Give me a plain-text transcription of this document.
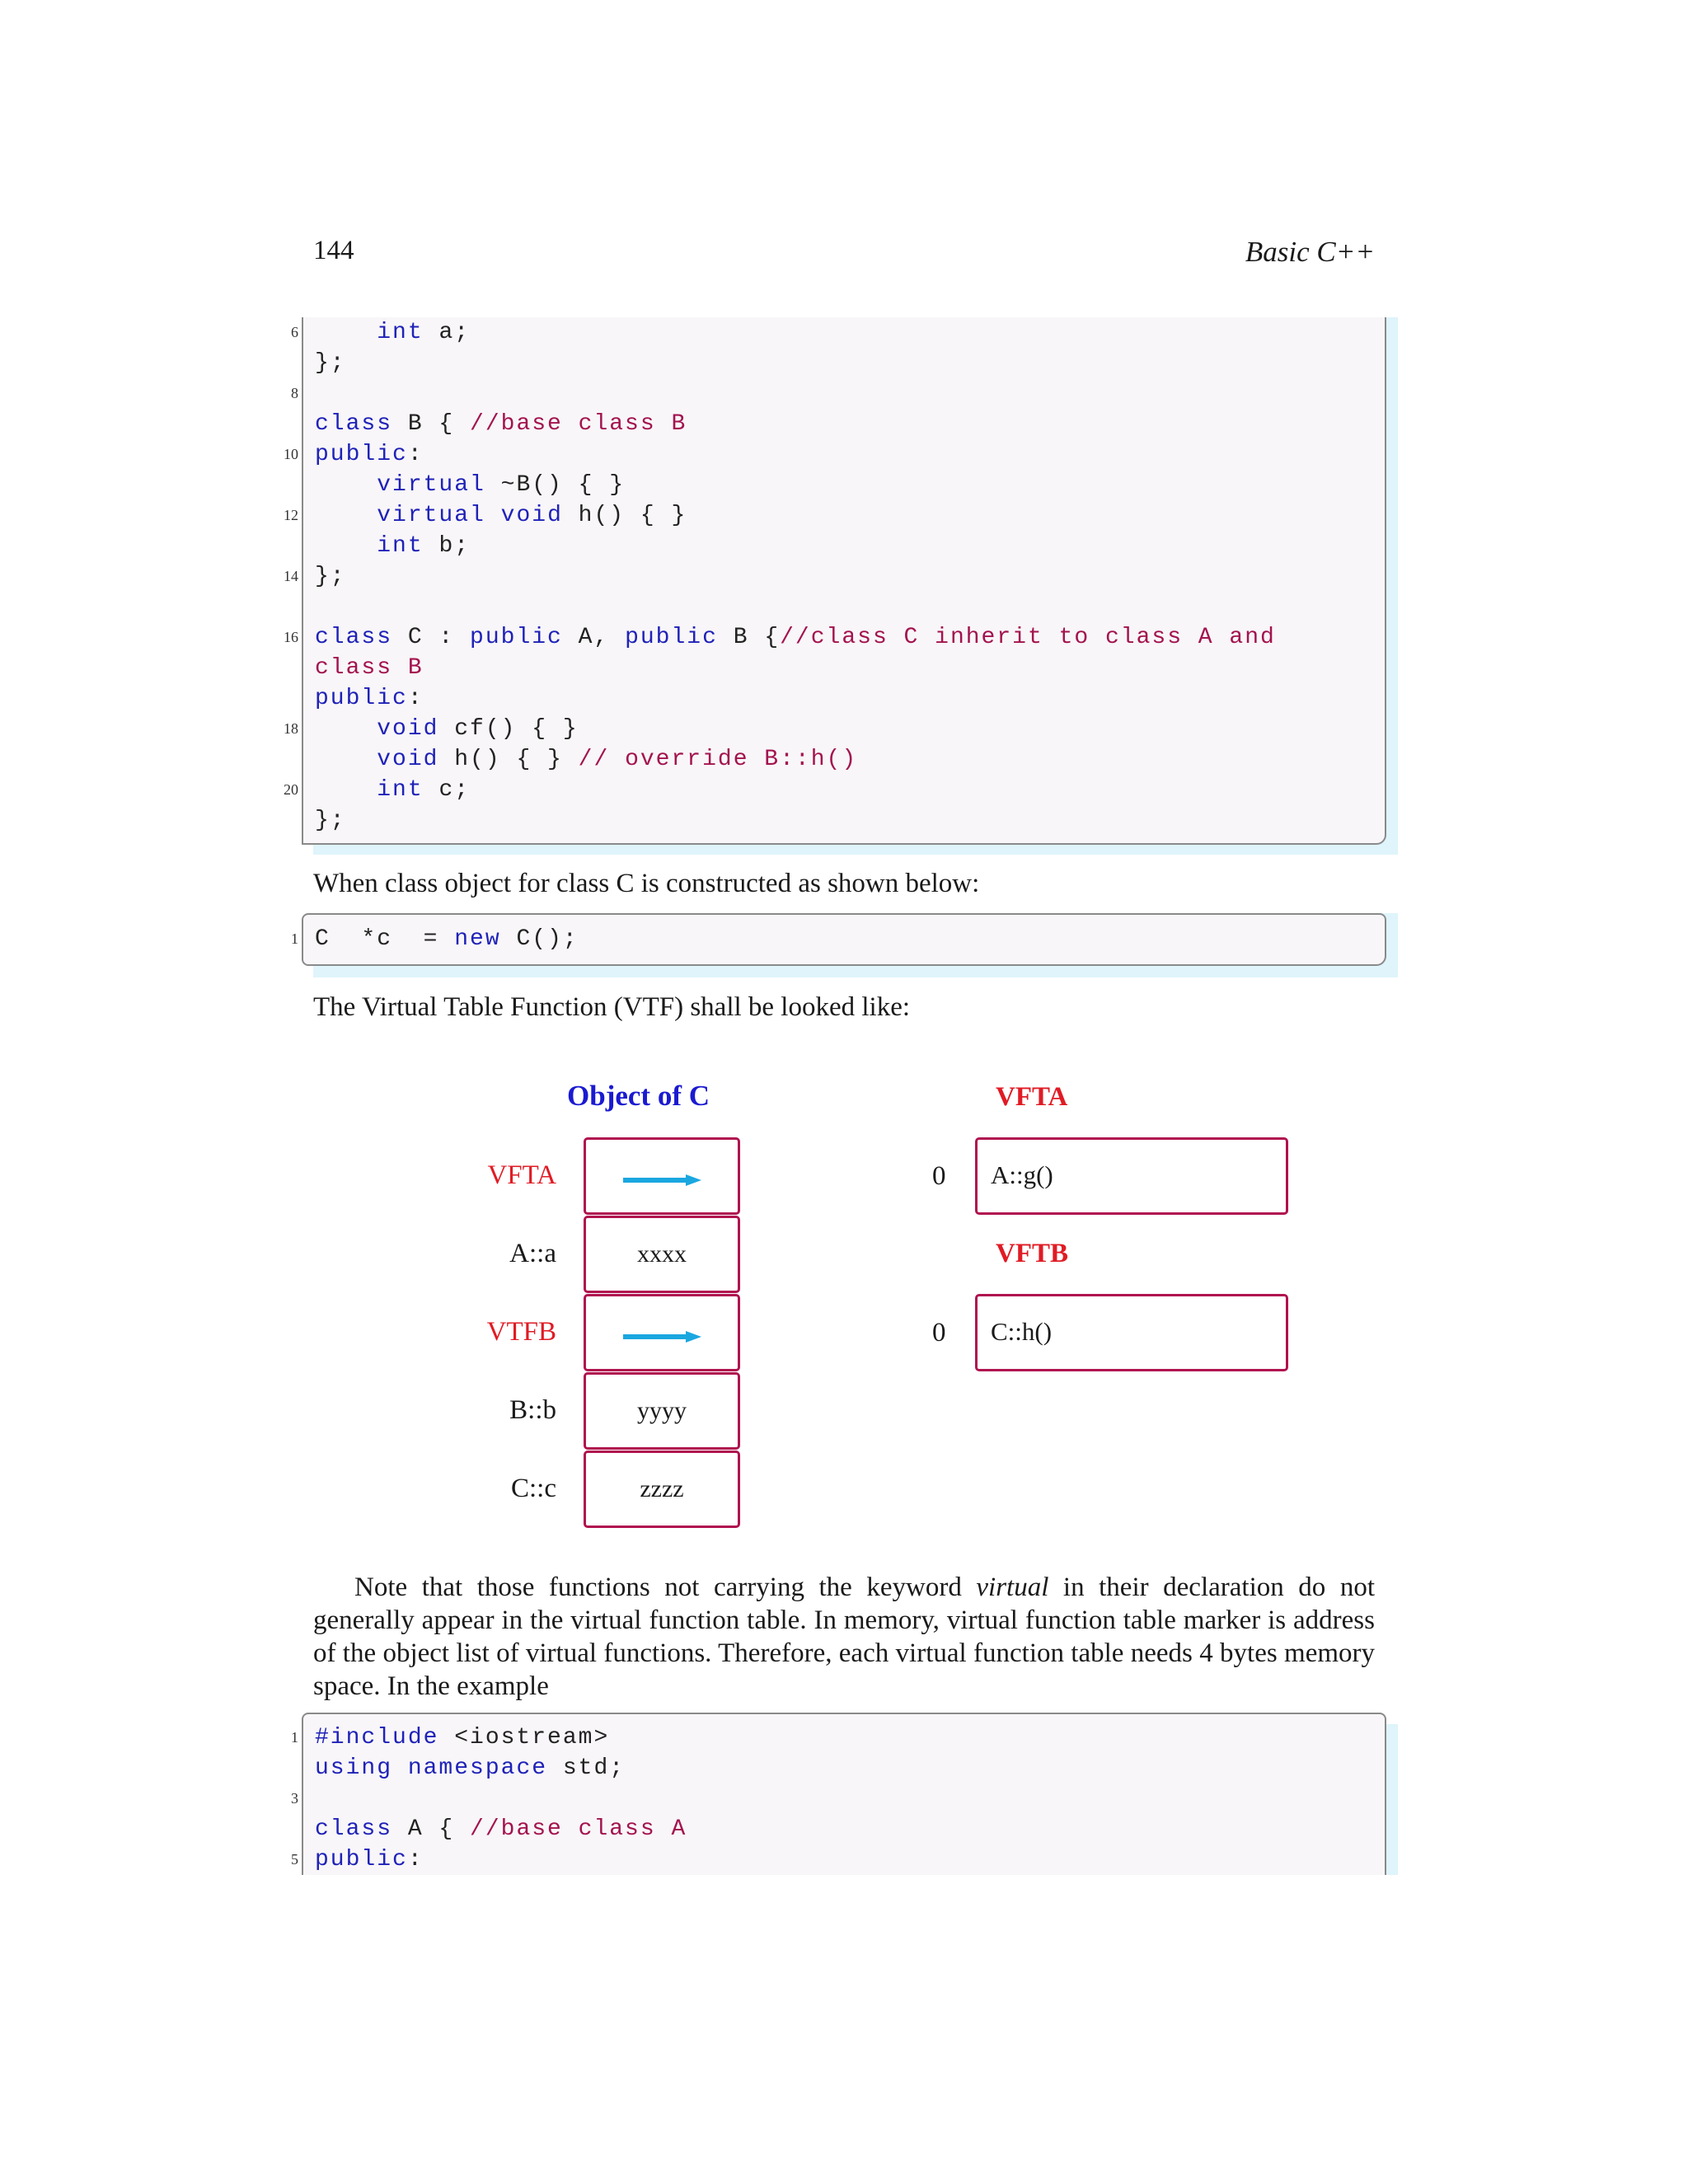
144	Basic C++
6
8
10
12
14
16
18
20
int a;
};

class B { //base class B
public:
virtual ~B() { }
virtual void h() { }
int b;
};

class C : public A, public B {//class C inherit to class A and
class B
public:
void cf() { }
void h() { } // override B::h()
int c;
};
When class object for class C is constructed as shown below:
1 C  *c  = new C();
The Virtual Table Function (VTF) shall be looked like:
Object of C
VFTA
A::a	xxxx
VTFB
B::b	yyyy
C::c	zzzz
VFTA
0 A::g()
VFTB
0 C::h()
Note that those functions not carrying the keyword virtual in their declaration do not generally appear in the virtual function table. In memory, virtual function table marker is address of the object list of virtual functions. Therefore, each virtual function table needs 4 bytes memory space. In the example
1
3
5
#include <iostream>
using namespace std;

class A { //base class A
public:
